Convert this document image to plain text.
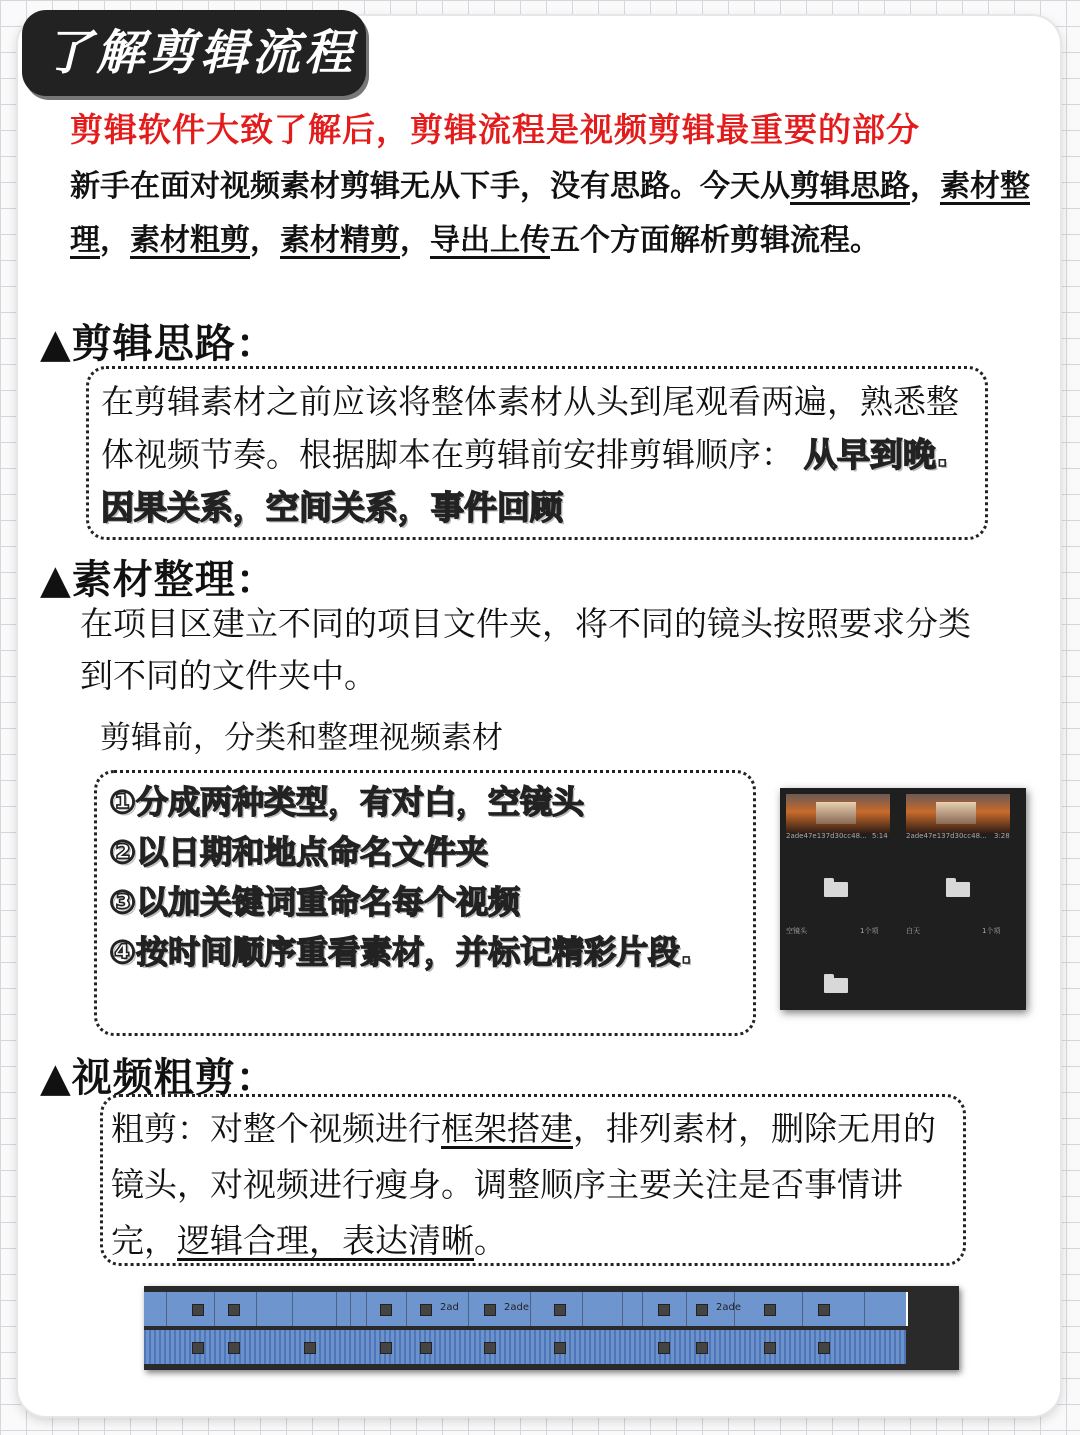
了解剪辑流程
剪辑软件大致了解后，剪辑流程是视频剪辑最重要的部分
新手在面对视频素材剪辑无从下手，没有思路。今天从剪辑思路，素材整理，素材粗剪，素材精剪，导出上传五个方面解析剪辑流程。
▲剪辑思路：
在剪辑素材之前应该将整体素材从头到尾观看两遍，熟悉整体视频节奏。根据脚本在剪辑前安排剪辑顺序： 从早到晚. 因果关系，空间关系，事件回顾
▲素材整理：
在项目区建立不同的项目文件夹，将不同的镜头按照要求分类到不同的文件夹中。
剪辑前，分类和整理视频素材
①分成两种类型，有对白，空镜头
②以日期和地点命名文件夹
③以加关键词重命名每个视频
④按时间顺序重看素材，并标记精彩片段.
2ade47e137d30cc48... 5:14	2ade47e137d30cc48... 3:28
空镜头	1个项	白天	1个项
▲视频粗剪：
粗剪：对整个视频进行框架搭建，排列素材，删除无用的镜头，对视频进行瘦身。调整顺序主要关注是否事情讲完，逻辑合理，表达清晰。
2ad	2ade	2ade
